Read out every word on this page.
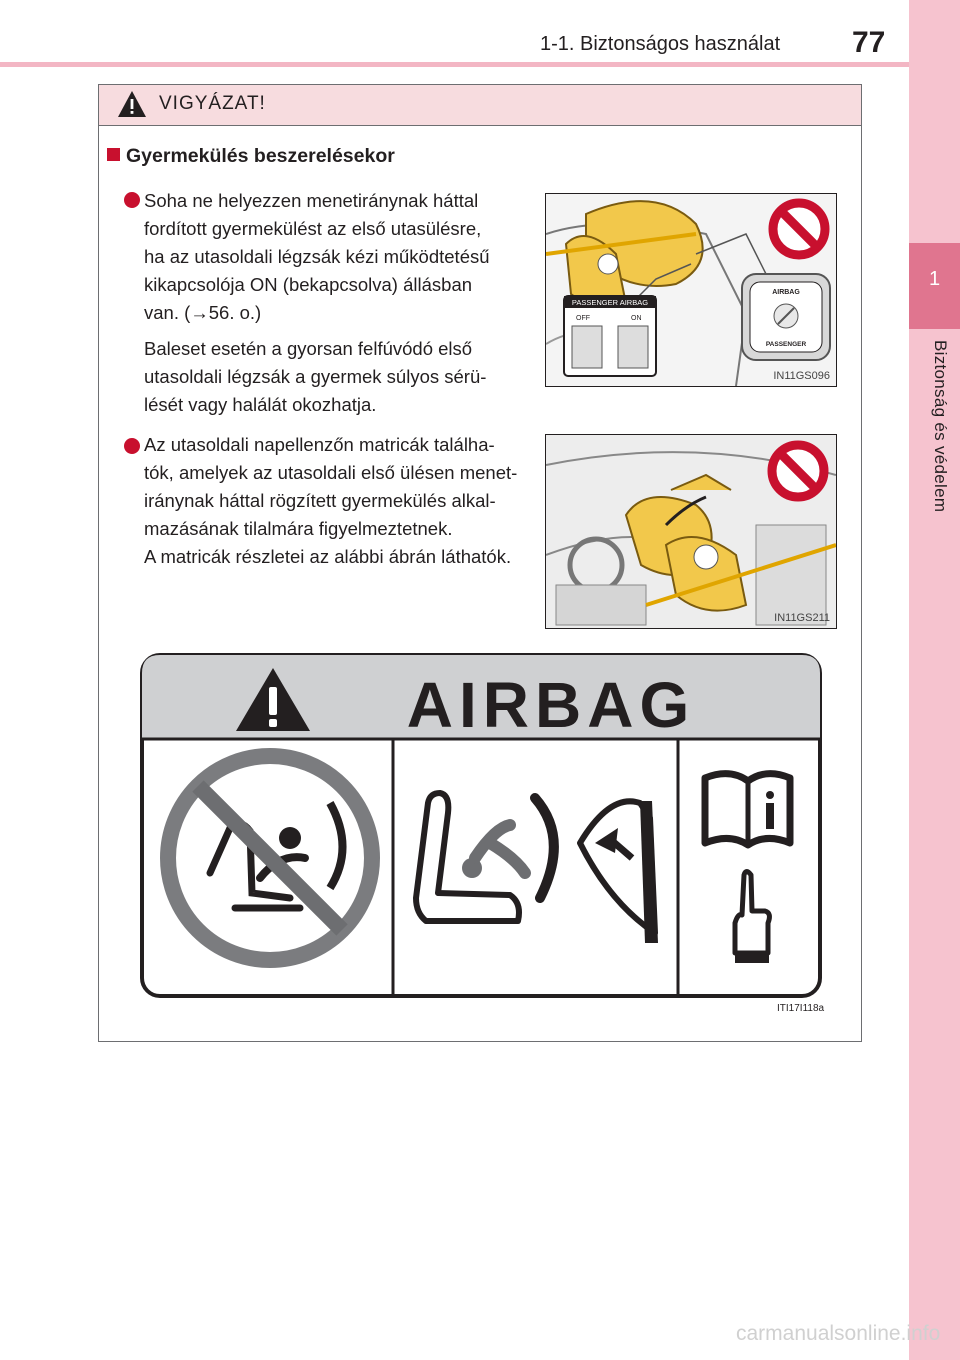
1-1. Biztonságos használat 77
1
Biztonság és védelem
VIGYÁZAT!
Gyermekülés beszerelésekor
Soha ne helyezzen menetiránynak háttal
fordított gyermekülést az első utasülésre,
ha az utasoldali légzsák kézi működtetésű
kikapcsolója ON (bekapcsolva) állásban
van. (→56. o.)
Baleset esetén a gyorsan felfúvódó első
utasoldali légzsák a gyermek súlyos sérü-
lését vagy halálát okozhatja.
PASSENGER AIRBAG
OFF	ON
AIRBAG
PASSENGER
IN11GS096
Az utasoldali napellenzőn matricák találha-
tók, amelyek az utasoldali első ülésen menet-
iránynak háttal rögzített gyermekülés alkal-
mazásának tilalmára figyelmeztetnek.
A matricák részletei az alábbi ábrán láthatók.
IN11GS211
AIRBAG
ITI17I118a
carmanualsonline.info
